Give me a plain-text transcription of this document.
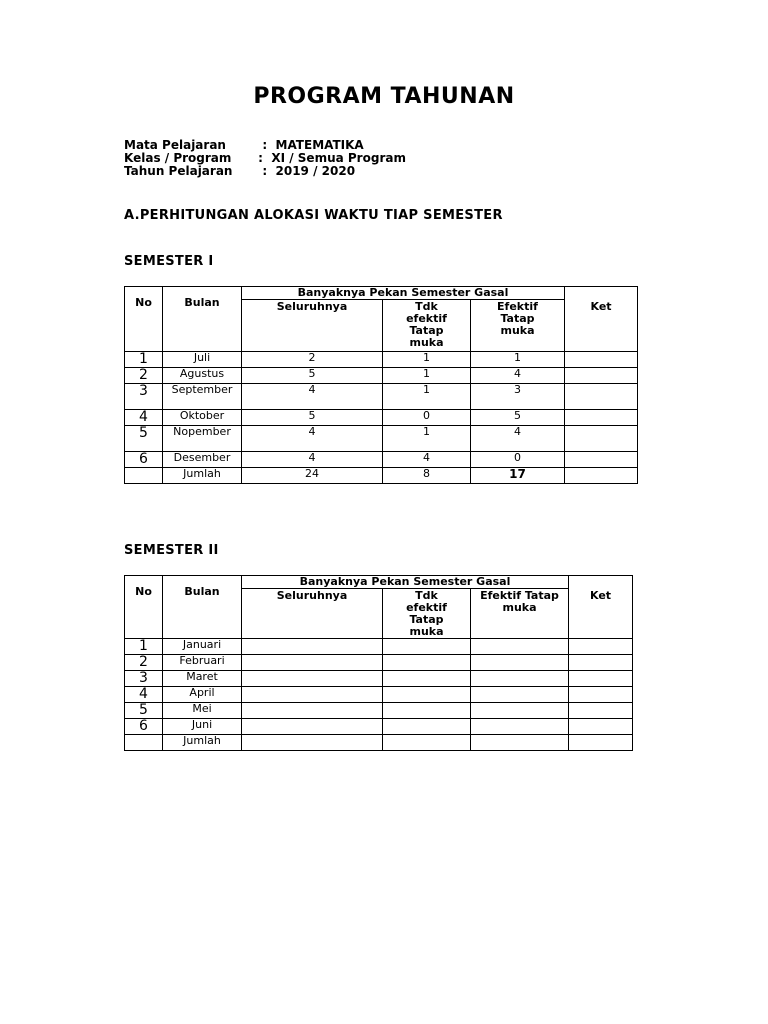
PROGRAM TAHUNAN
Mata Pelajaran	:  MATEMATIKA
Kelas / Program	:  XI / Semua Program
Tahun Pelajaran	:  2019 / 2020
A.PERHITUNGAN ALOKASI WAKTU TIAP SEMESTER
SEMESTER I
No	Bulan	Banyaknya Pekan Semester Gasal			Ket
		Seluruhnya	Tdk efektif Tatap muka	Efektif Tatap muka	

1	Juli	2	1	1	
2	Agustus	5	1	4	
3	September	4	1	3	
4	Oktober	5	0	5	
5	Nopember	4	1	4	
6	Desember	4	4	0	
	Jumlah	24	8	17	
SEMESTER II
No	Bulan	Banyaknya Pekan Semester Gasal			Ket
		Seluruhnya	Tdk efektif Tatap muka	Efektif Tatap muka	
1	Januari				
2	Februari				
3	Maret				
4	April				
5	Mei				
6	Juni				
	Jumlah				
